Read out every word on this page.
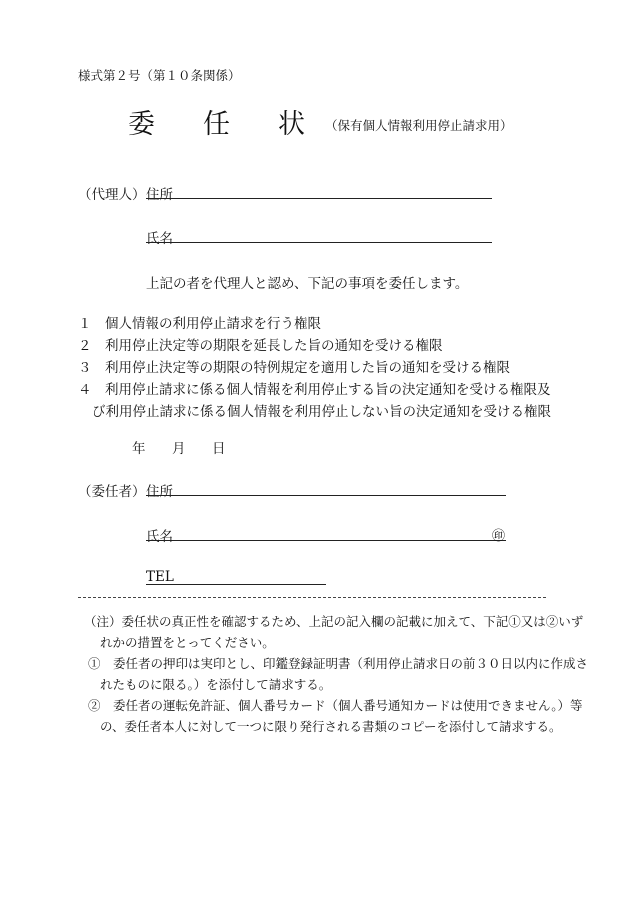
様式第２号（第１０条関係）
委 任 状 （保有個人情報利用停止請求用）
（代理人） 住所
氏名
上記の者を代理人と認め、下記の事項を委任します。
１　個人情報の利用停止請求を行う権限
２　利用停止決定等の期限を延長した旨の通知を受ける権限
３　利用停止決定等の期限の特例規定を適用した旨の通知を受ける権限
４　利用停止請求に係る個人情報を利用停止する旨の決定通知を受ける権限及
び利用停止請求に係る個人情報を利用停止しない旨の決定通知を受ける権限
年 月 日
（委任者） 住所
氏名	㊞
TEL
（注）委任状の真正性を確認するため、上記の記入欄の記載に加えて、下記①又は②いず
れかの措置をとってください。
①　委任者の押印は実印とし、印鑑登録証明書（利用停止請求日の前３０日以内に作成さ
れたものに限る。）を添付して請求する。
②　委任者の運転免許証、個人番号カード（個人番号通知カードは使用できません。）等
の、委任者本人に対して一つに限り発行される書類のコピーを添付して請求する。
